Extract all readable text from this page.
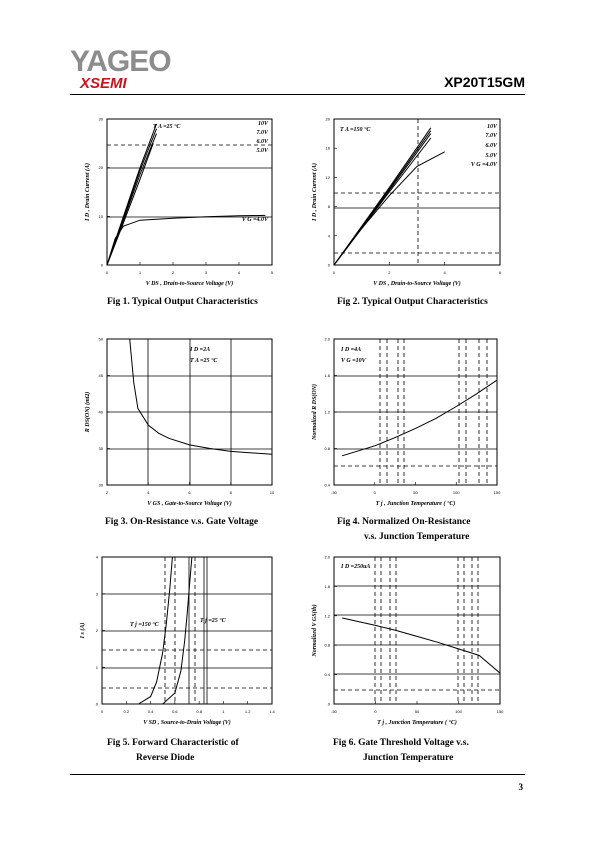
YAGEO
XSEMI	XP20T15GM
0	1	2	3	4	5
0
10
20
30
V DS , Drain-to-Source Voltage (V)
I D , Drain Current (A)
T A =25 °C	10V
7.0V
6.0V
5.0V
V G =4.0V
0	2	4	6
0
4
8
12
16
20
V DS , Drain-to-Source Voltage (V)
I D , Drain Current (A)
T A =150 °C	10V
7.0V
6.0V
5.0V
V G =4.0V
2	4	6	8	10
30
35
40
45
50
V GS , Gate-to-Source Voltage (V)
R DS(ON) (mΩ)
I D =2A
T A =25 °C
-50	0	50	100	150
0.4
0.8
1.2
1.6
2.0
T j , Junction Temperature ( °C)
Normalized R DS(ON)
I D =4A
V G =10V
0	0.2	0.4	0.6	0.8	1	1.2	1.4
0
1
2
3
4
V SD , Source-to-Drain Voltage (V)
I s (A)	T j =150 °C
T j =25 °C
-50	0	50	100	150
0
0.4
0.8
1.2
1.6
2.0
T j , Junction Temperature ( °C)
Normalized V GS(th)
I D =250uA
Fig 1. Typical Output Characteristics	Fig 2. Typical Output Characteristics
Fig 3. On-Resistance v.s. Gate Voltage	Fig 4. Normalized On-Resistance
v.s. Junction Temperature
Fig 5. Forward Characteristic of
Reverse Diode
Fig 6. Gate Threshold Voltage v.s.
Junction Temperature
3
